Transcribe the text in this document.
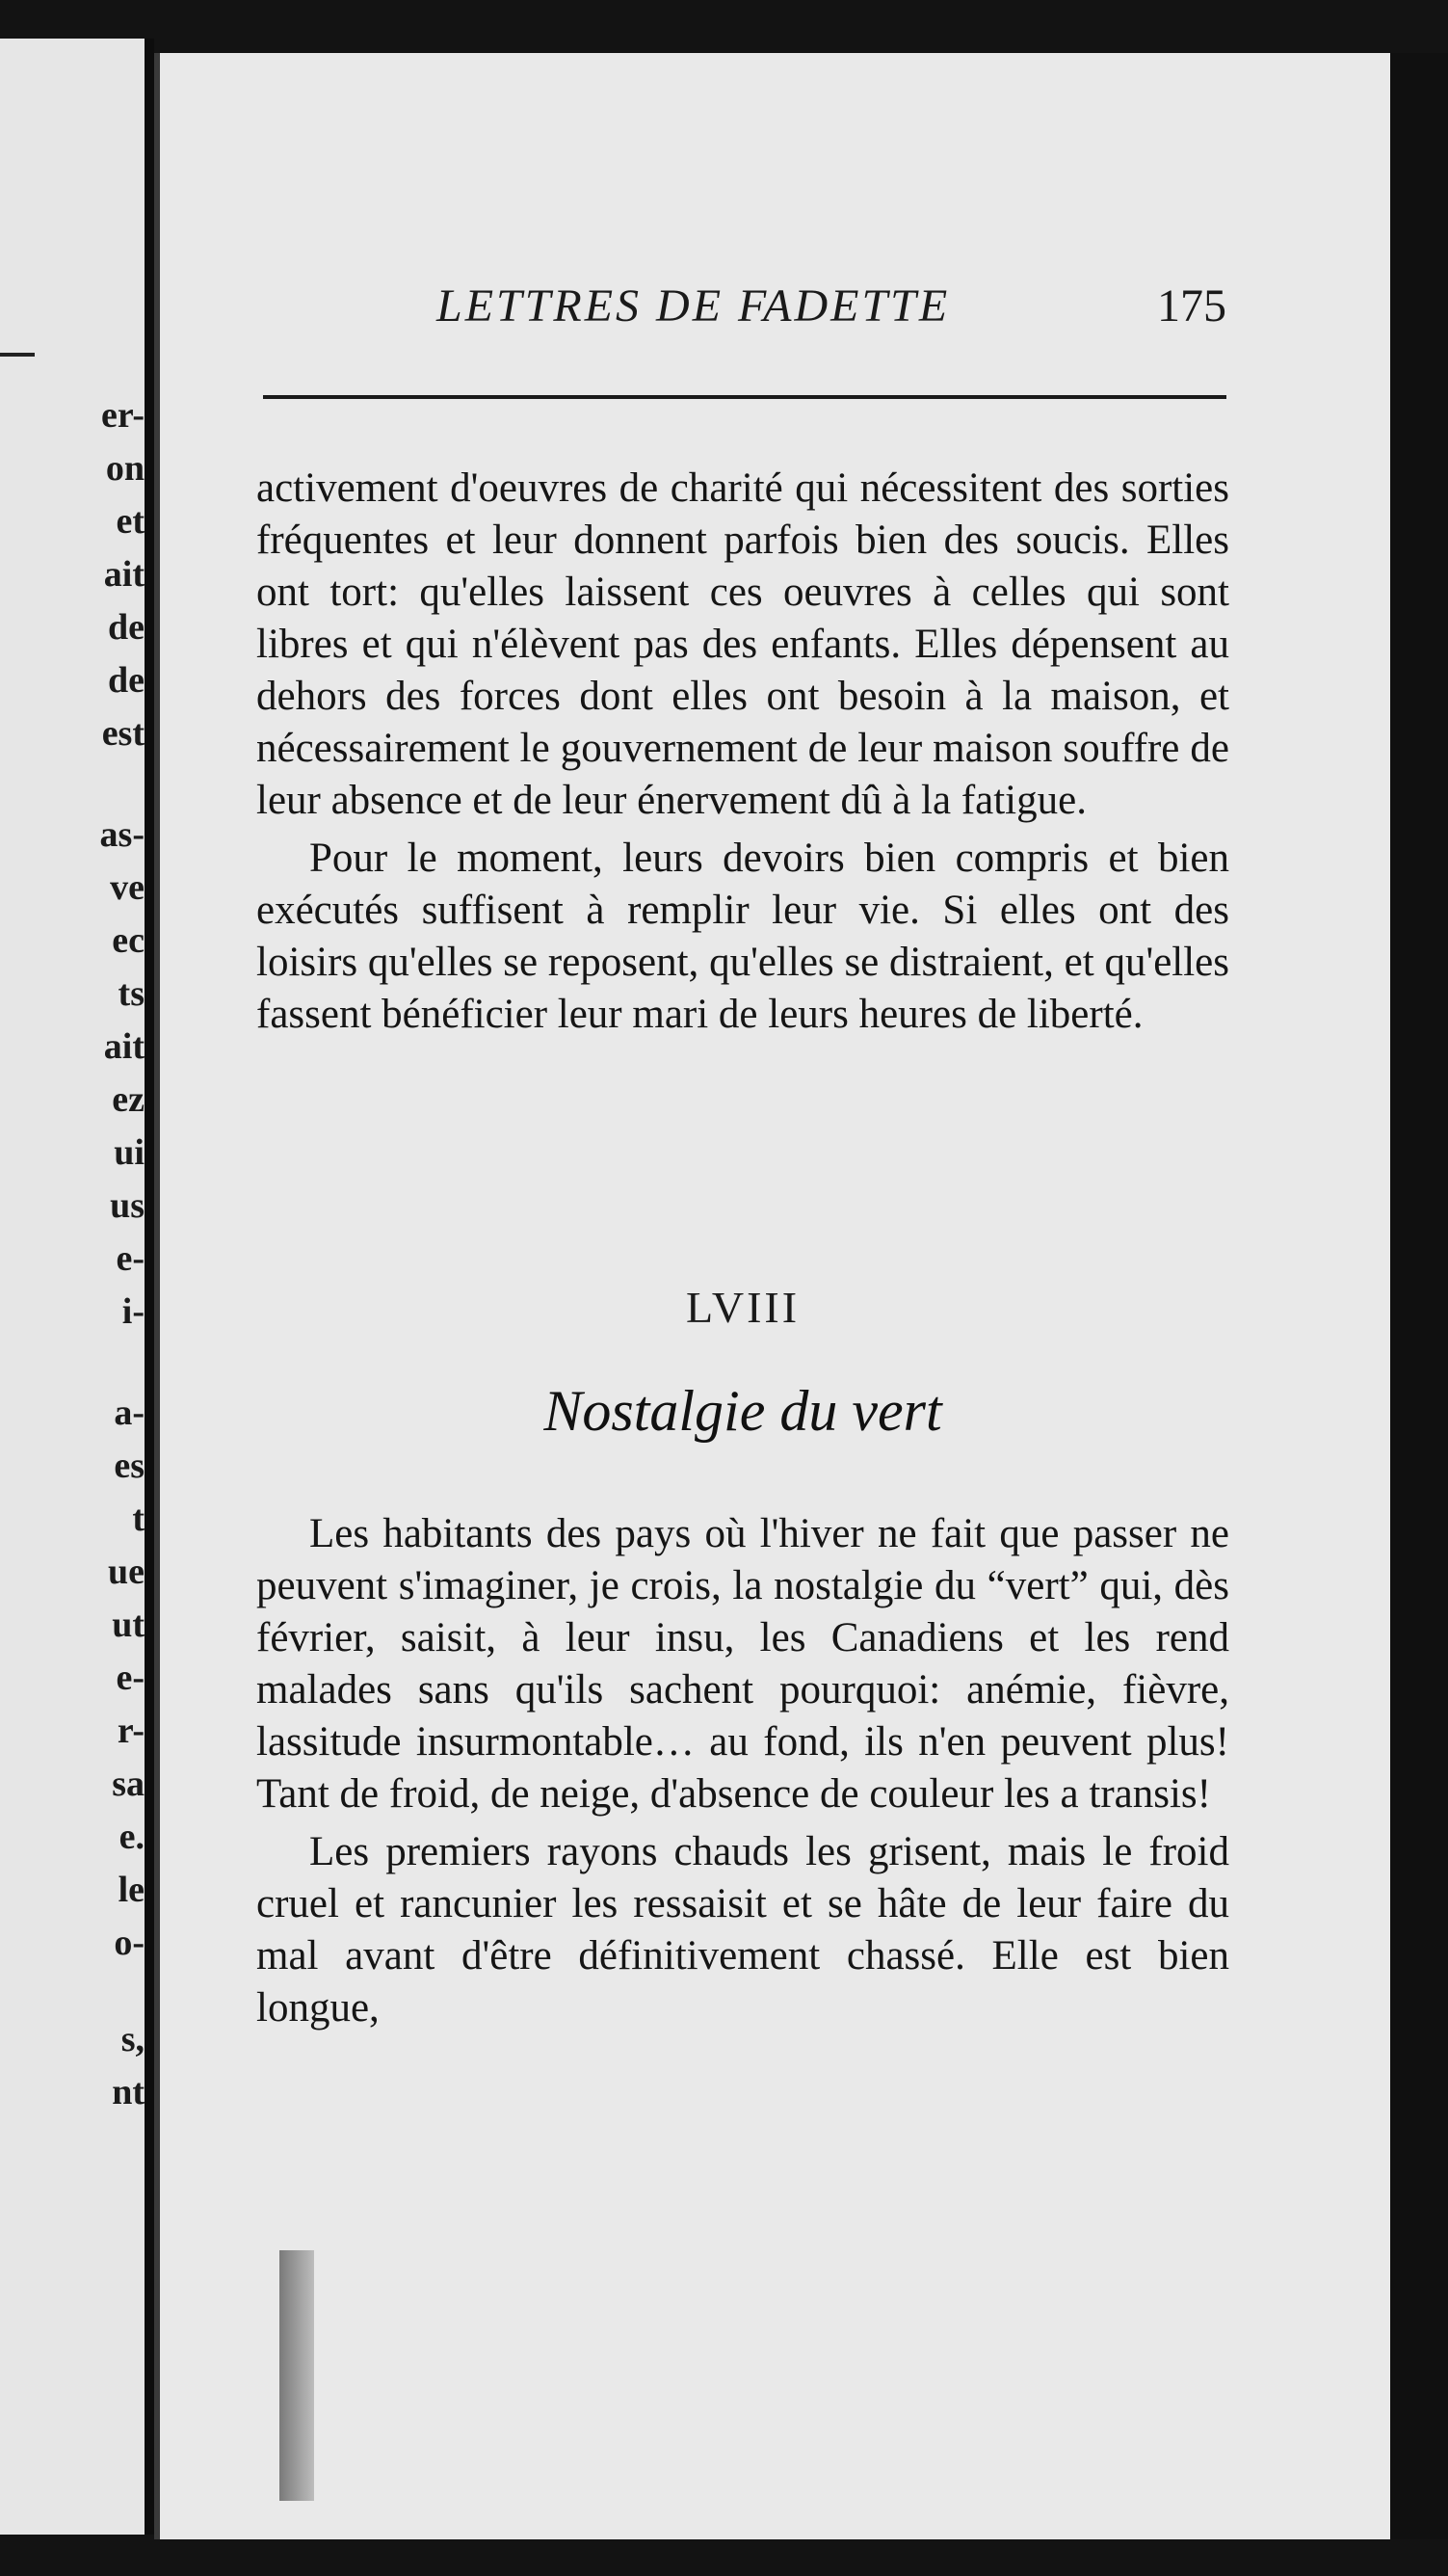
er-
on
et
ait
de
de
est
as-
ve
ec
ts
ait
ez
ui
us
e-
i-
a-
es
t
ue
ut
e-
r-
sa
e.
le
o-
s,
nt
LETTRES DE FADETTE	175

activement d'oeuvres de charité qui nécessitent des sorties fréquentes et leur donnent parfois bien des soucis. Elles ont tort: qu'elles laissent ces oeuvres à celles qui sont libres et qui n'élèvent pas des enfants. Elles dépensent au dehors des forces dont elles ont besoin à la maison, et nécessairement le gouvernement de leur maison souffre de leur absence et de leur énervement dû à la fatigue.

Pour le moment, leurs devoirs bien compris et bien exécutés suffisent à remplir leur vie. Si elles ont des loisirs qu'elles se reposent, qu'elles se distraient, et qu'elles fassent bénéficier leur mari de leurs heures de liberté.

LVIII
Nostalgie du vert

Les habitants des pays où l'hiver ne fait que passer ne peuvent s'imaginer, je crois, la nostalgie du “vert” qui, dès février, saisit, à leur insu, les Canadiens et les rend malades sans qu'ils sachent pourquoi: anémie, fièvre, lassitude insurmontable… au fond, ils n'en peuvent plus! Tant de froid, de neige, d'absence de couleur les a transis!

Les premiers rayons chauds les grisent, mais le froid cruel et rancunier les ressaisit et se hâte de leur faire du mal avant d'être définitivement chassé. Elle est bien longue,
